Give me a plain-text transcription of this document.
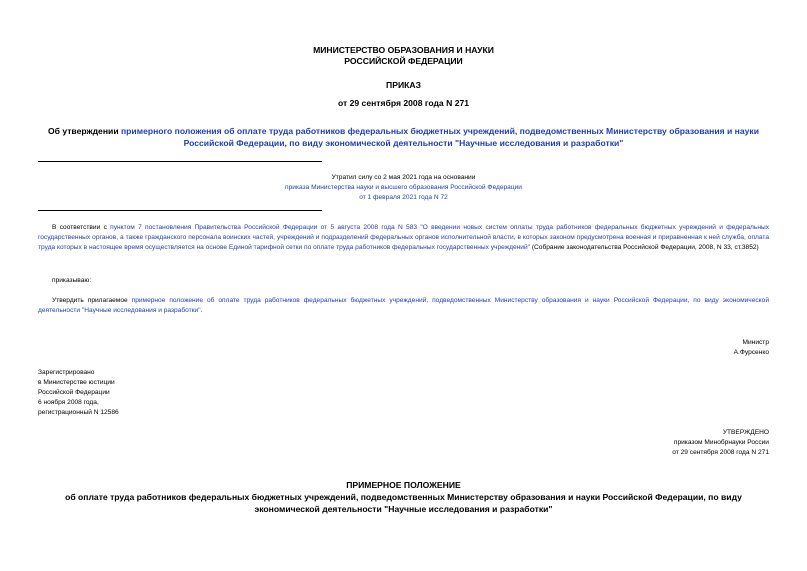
МИНИСТЕРСТВО ОБРАЗОВАНИЯ И НАУКИ
РОССИЙСКОЙ ФЕДЕРАЦИИ
ПРИКАЗ
от 29 сентября 2008 года N 271
Об утверждении примерного положения об оплате труда работников федеральных бюджетных учреждений, подведомственных Министерству образования и науки Российской Федерации, по виду экономической деятельности "Научные исследования и разработки"
Утратил силу со 2 мая 2021 года на основании
приказа Министерства науки и высшего образования Российской Федерации
от 1 февраля 2021 года N 72
В соответствии с пунктом 7 постановления Правительства Российской Федерации от 5 августа 2008 года N 583 "О введении новых систем оплаты труда работников федеральных бюджетных учреждений и федеральных государственных органов, а также гражданского персонала воинских частей, учреждений и подразделений федеральных органов исполнительной власти, в которых законом предусмотрена военная и приравненная к ней служба, оплата труда которых в настоящее время осуществляется на основе Единой тарифной сетки по оплате труда работников федеральных государственных учреждений" (Собрание законодательства Российской Федерации, 2008, N 33, ст.3852)
приказываю:
Утвердить прилагаемое примерное положение об оплате труда работников федеральных бюджетных учреждений, подведомственных Министерству образования и науки Российской Федерации, по виду экономической деятельности "Научные исследования и разработки".
Министр
А.Фурсенко
Зарегистрировано
в Министерстве юстиции
Российской Федерации
6 ноября 2008 года,
регистрационный N 12586
УТВЕРЖДЕНО
приказом Минобрнауки России
от 29 сентября 2008 года N 271
ПРИМЕРНОЕ ПОЛОЖЕНИЕ
об оплате труда работников федеральных бюджетных учреждений, подведомственных Министерству образования и науки Российской Федерации, по виду экономической деятельности "Научные исследования и разработки"
